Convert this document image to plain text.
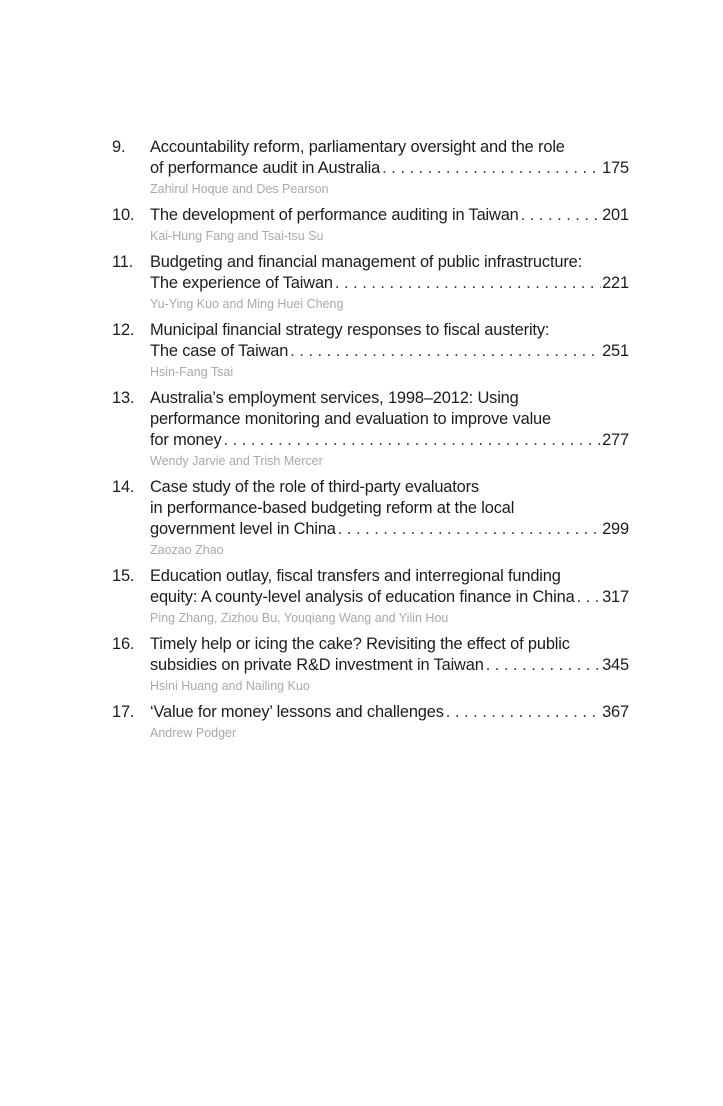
9.	Accountability reform, parliamentary oversight and the role
of performance audit in Australia . . .	175
Zahirul Hoque and Des Pearson
10. The development of performance auditing in Taiwan . . .	201
Kai-Hung Fang and Tsai-tsu Su
11.	Budgeting and financial management of public infrastructure:
The experience of Taiwan . . .	221
Yu-Ying Kuo and Ming Huei Cheng
12. Municipal financial strategy responses to fiscal austerity:
The case of Taiwan . . .	251
Hsin-Fang Tsai
13. Australia’s employment services, 1998–2012: Using
performance monitoring and evaluation to improve value
for money . . .	277
Wendy Jarvie and Trish Mercer
14. Case study of the role of third-party evaluators
in performance-based budgeting reform at the local
government level in China . . .	299
Zaozao Zhao
15. Education outlay, fiscal transfers and interregional funding
equity: A county-level analysis of education finance in China . . . 317
Ping Zhang, Zizhou Bu, Youqiang Wang and Yilin Hou
16. Timely help or icing the cake? Revisiting the effect of public
subsidies on private R&D investment in Taiwan . . .	345
Hsini Huang and Nailing Kuo
17. ‘Value for money’ lessons and challenges . . .	367
Andrew Podger
